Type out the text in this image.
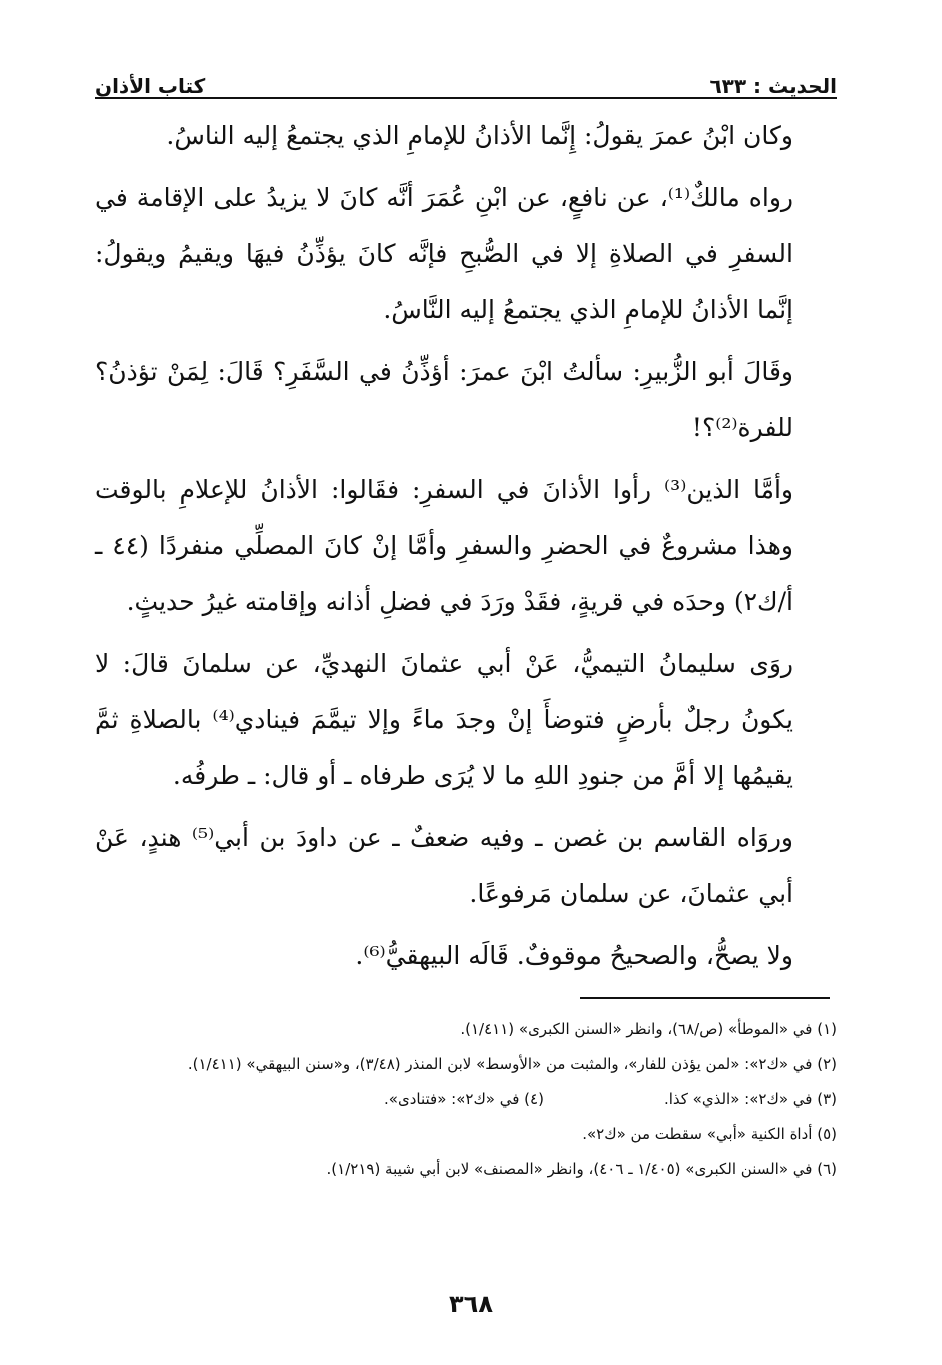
الحديث : ٦٣٣
كتاب الأذان

وكان ابْنُ عمرَ يقولُ: إِنَّما الأذانُ للإمامِ الذي يجتمعُ إليه الناسُ.

رواه مالكٌ⁽¹⁾، عن نافعٍ، عن ابْنِ عُمَرَ أنَّه كانَ لا يزيدُ على الإقامة في السفرِ في الصلاةِ إلا في الصُّبحِ فإنَّه كانَ يؤذِّنُ فيهَا ويقيمُ ويقولُ: إنَّما الأذانُ للإمامِ الذي يجتمعُ إليه النَّاسُ.

وقَالَ أبو الزُّبيرِ: سألتُ ابْنَ عمرَ: أؤذِّنُ في السَّفَرِ؟ قَالَ: لِمَنْ تؤذنُ؟ للفرة⁽²⁾؟!

وأمَّا الذين⁽³⁾ رأوا الأذانَ في السفرِ: فقَالوا: الأذانُ للإعلامِ بالوقت وهذا مشروعٌ في الحضرِ والسفرِ وأمَّا إنْ كانَ المصلِّي منفردًا (٤٤ ـ أ/ك٢) وحدَه في قريةٍ، فقَدْ ورَدَ في فضلِ أذانه وإقامته غيرُ حديثٍ.

روَى سليمانُ التيميُّ، عَنْ أبي عثمانَ النهديِّ، عن سلمانَ قالَ: لا يكونُ رجلٌ بأرضٍ فتوضأَ إنْ وجدَ ماءً وإلا تيمَّمَ فينادي⁽⁴⁾ بالصلاةِ ثمَّ يقيمُها إلا أمَّ من جنودِ اللهِ ما لا يُرَى طرفاه ـ أو قال: ـ طرفُه.

وروَاه القاسم بن غصن ـ وفيه ضعفٌ ـ عن داودَ بن أبي⁽⁵⁾ هندٍ، عَنْ أبي عثمانَ، عن سلمان مَرفوعًا.

ولا يصحُّ، والصحيحُ موقوفٌ. قَالَه البيهقيُّ⁽⁶⁾.

(١) في «الموطأ» (ص/٦٨)، وانظر «السنن الكبرى» (١/٤١١).

(٢) في «ك٢»: «لمن يؤذن للفار»، والمثبت من «الأوسط» لابن المنذر (٣/٤٨)، و«سنن البيهقي» (١/٤١١).

(٣) في «ك٢»: «الذي» كذا.
(٤) في «ك٢»: «فتنادى».

(٥) أداة الكنية «أبي» سقطت من «ك٢».

(٦) في «السنن الكبرى» (١/٤٠٥ ـ ٤٠٦)، وانظر «المصنف» لابن أبي شيبة (١/٢١٩).

٣٦٨
